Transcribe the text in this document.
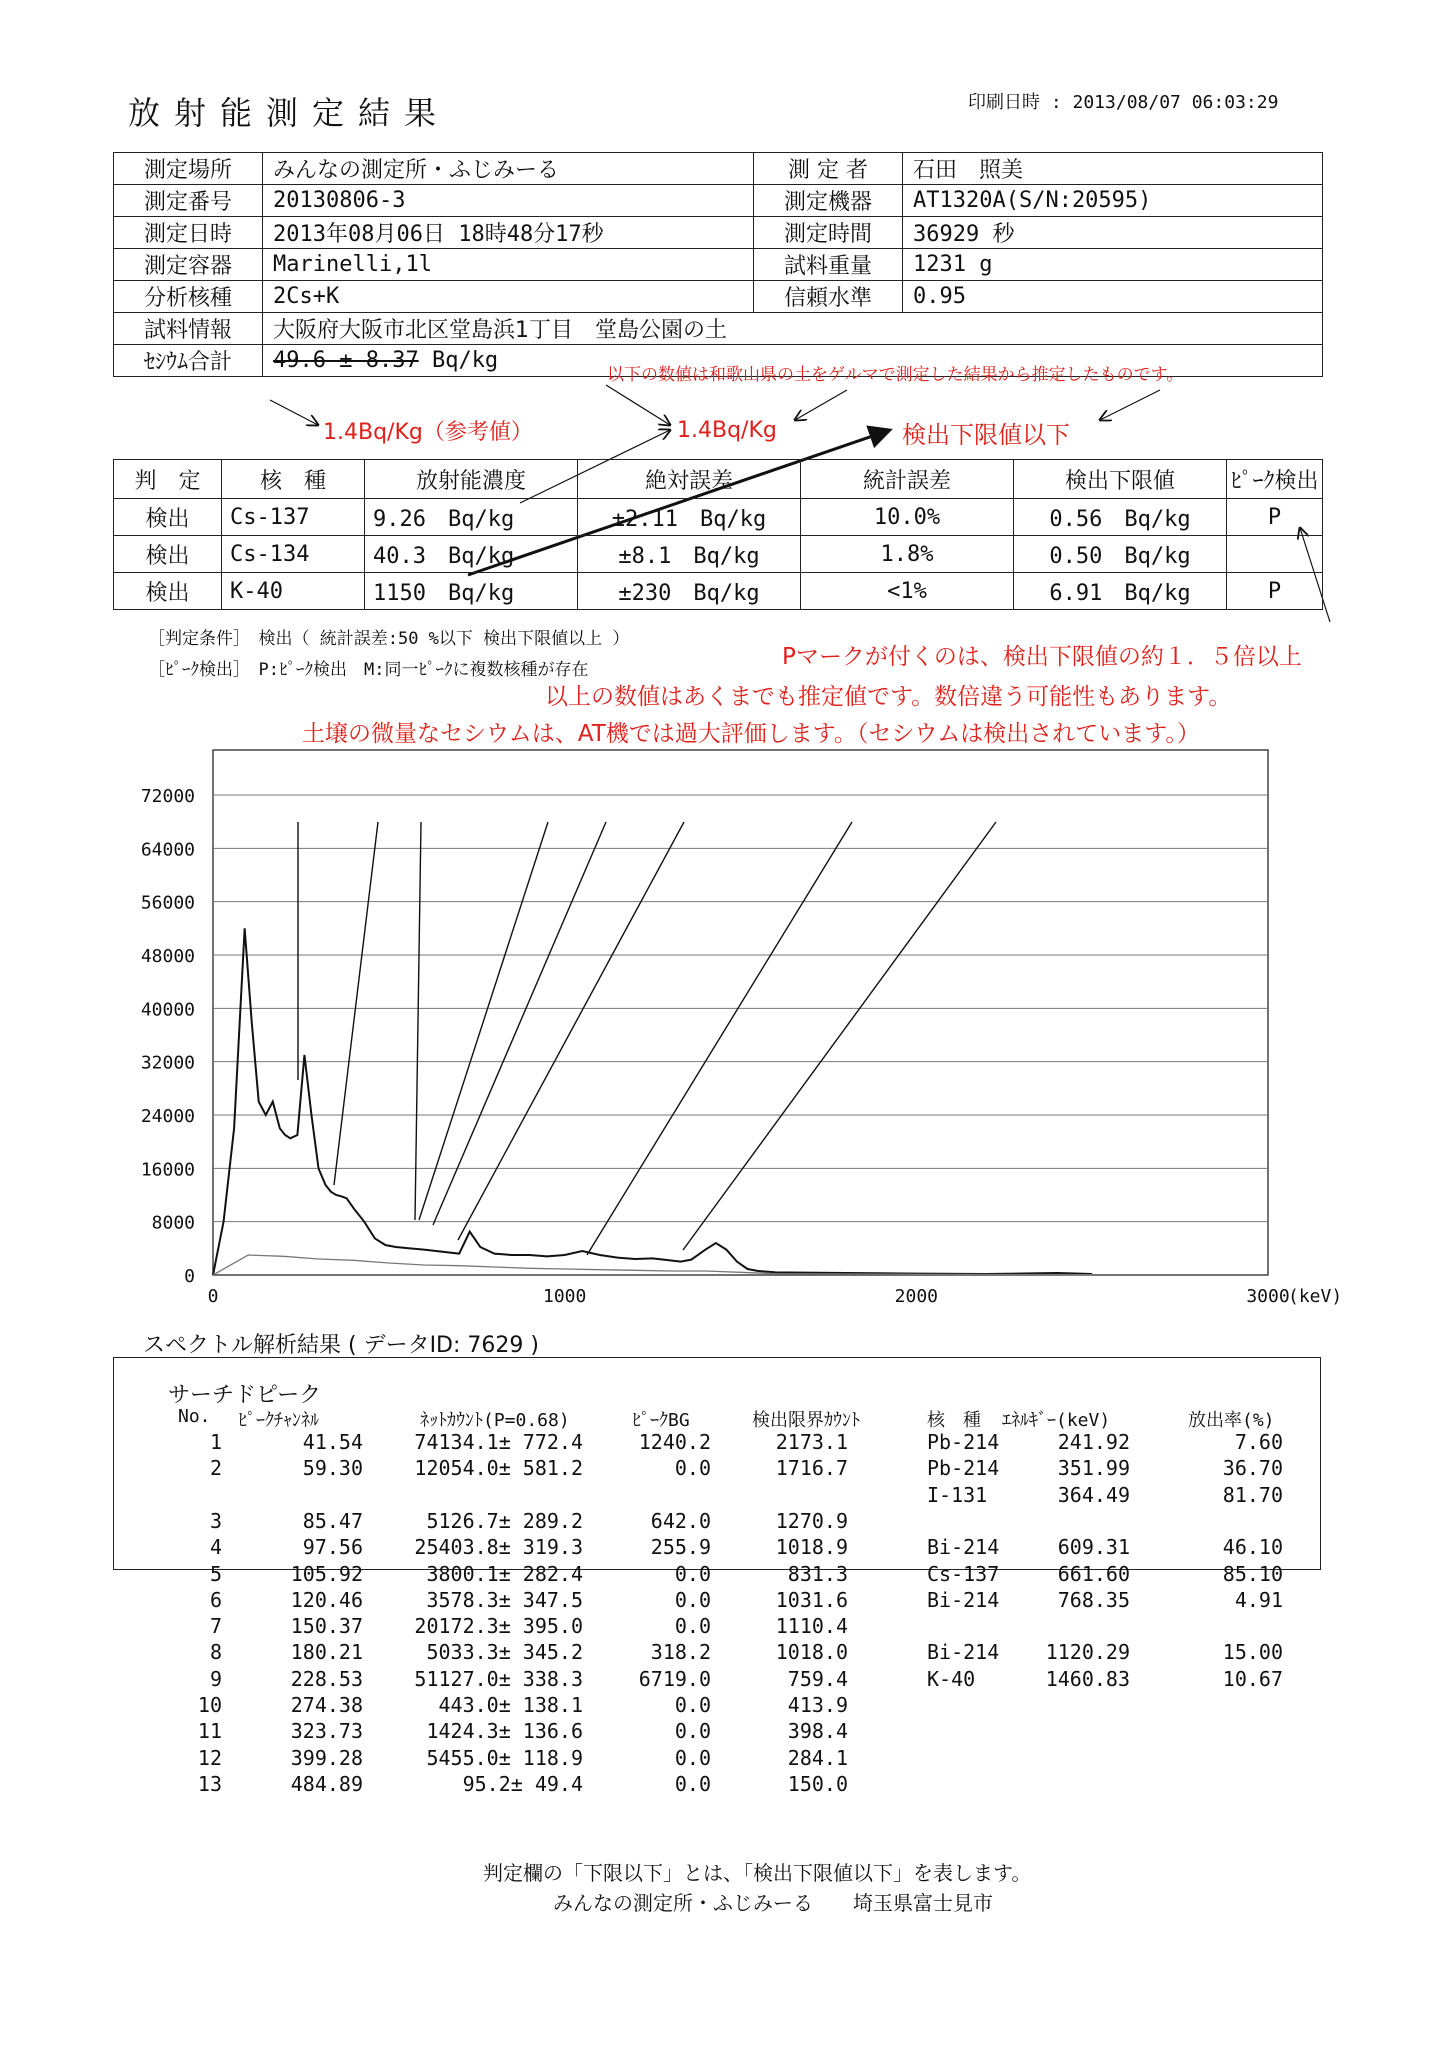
放射能測定結果	印刷日時 : 2013/08/07 06:03:29
測定場所	みんなの測定所・ふじみーる	測 定 者	石田　照美
測定番号	20130806-3	測定機器	AT1320A(S/N:20595)
測定日時	2013年08月06日 18時48分17秒	測定時間	36929 秒
測定容器	Marinelli,1l	試料重量	1231 g
分析核種	2Cs+K	信頼水準	0.95
試料情報	大阪府大阪市北区堂島浜1丁目　堂島公園の土		
ｾｼｳﾑ合計	49.6 ± 8.37 Bq/kg		
以下の数値は和歌山県の土をゲルマで測定した結果から推定したものです。
1.4Bq/Kg（参考値）	1.4Bq/Kg	検出下限値以下
判　定	核　種	放射能濃度	絶対誤差	統計誤差	検出下限値	ﾋﾟｰｸ検出
検出	Cs-137	9.26　Bq/kg	±2.11　Bq/kg	10.0%	0.56　Bq/kg	P
検出	Cs-134	40.3　Bq/kg	±8.1　Bq/kg	1.8%	0.50　Bq/kg	
検出	K-40	1150　Bq/kg	±230　Bq/kg	<1%	6.91　Bq/kg	P
［判定条件］　検出（ 統計誤差:50 %以下 検出下限値以上 ）
［ﾋﾟｰｸ検出］　P:ﾋﾟｰｸ検出　M:同一ﾋﾟｰｸに複数核種が存在	Pマークが付くのは、検出下限値の約１．５倍以上
以上の数値はあくまでも推定値です。数倍違う可能性もあります。
土壌の微量なセシウムは、AT機では過大評価します。（セシウムは検出されています。）
0
8000
16000
24000
32000
40000
48000
56000
64000
72000
0	1000	2000	3000
(keV)
スペクトル解析結果 ( データID: 7629 )
サーチドピーク
No. ﾋﾟｰｸﾁｬﾝﾈﾙ	ﾈｯﾄｶｳﾝﾄ(P=0.68)	ﾋﾟｰｸBG	検出限界ｶｳﾝﾄ	核　種 ｴﾈﾙｷﾞｰ(keV)	放出率(%)
1	41.54	74134.1± 772.4	1240.2	2173.1	Pb-214	241.92	7.60
2	59.30	12054.0± 581.2	0.0	1716.7	Pb-214	351.99	36.70
I-131	364.49	81.70
3	85.47	5126.7± 289.2	642.0	1270.9
4	97.56	25403.8± 319.3	255.9	1018.9	Bi-214	609.31	46.10
5	105.92	3800.1± 282.4	0.0	831.3	Cs-137	661.60	85.10
6	120.46	3578.3± 347.5	0.0	1031.6	Bi-214	768.35	4.91
7	150.37	20172.3± 395.0	0.0	1110.4
8	180.21	5033.3± 345.2	318.2	1018.0	Bi-214 1120.29	15.00
9	228.53	51127.0± 338.3	6719.0	759.4	K-40	1460.83	10.67
10	274.38	443.0± 138.1	0.0	413.9
11	323.73	1424.3± 136.6	0.0	398.4
12	399.28	5455.0± 118.9	0.0	284.1
13	484.89	95.2± 49.4	0.0	150.0
判定欄の「下限以下」とは、「検出下限値以下」を表します。
みんなの測定所・ふじみーる　　埼玉県富士見市
